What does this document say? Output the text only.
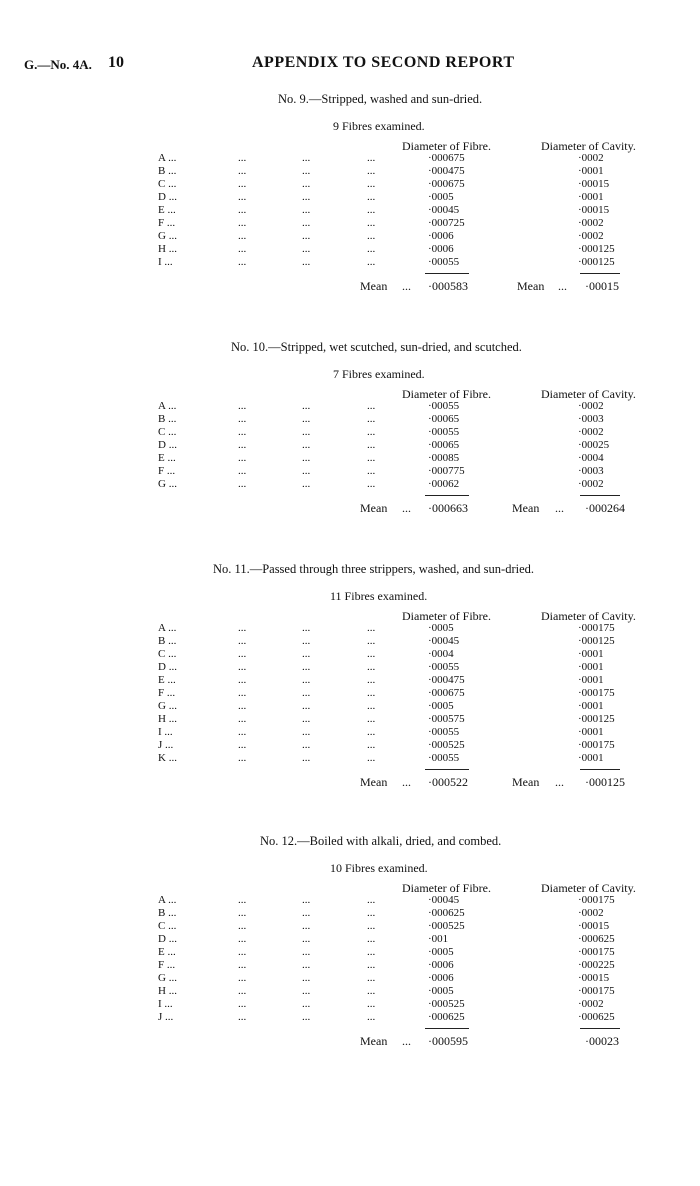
G.—No. 4A. 10	APPENDIX TO SECOND REPORT
No. 9.—Stripped, washed and sun-dried.
9 Fibres examined.
Diameter of Fibre.	Diameter of Cavity.
A ...	...	...	...	·000675	·0002
B ...	...	...	...	·000475	·0001
C ...	...	...	...	·000675	·00015
D ...	...	...	...	·0005	·0001
E ...	...	...	...	·00045	·00015
F ...	...	...	...	·000725	·0002
G ...	...	...	...	·0006	·0002
H ...	...	...	...	·0006	·000125
I ...	...	...	...	·00055	·000125
Mean ... ·000583	Mean ... ·00015
No. 10.—Stripped, wet scutched, sun-dried, and scutched.
7 Fibres examined.
Diameter of Fibre.	Diameter of Cavity.
A ...	...	...	...	·00055	·0002
B ...	...	...	...	·00065	·0003
C ...	...	...	...	·00055	·0002
D ...	...	...	...	·00065	·00025
E ...	...	...	...	·00085	·0004
F ...	...	...	...	·000775	·0003
G ...	...	...	...	·00062	·0002
Mean ... ·000663	Mean ... ·000264
No. 11.—Passed through three strippers, washed, and sun-dried.
11 Fibres examined.
Diameter of Fibre.	Diameter of Cavity.
A ...	...	...	...	·0005	·000175
B ...	...	...	...	·00045	·000125
C ...	...	...	...	·0004	·0001
D ...	...	...	...	·00055	·0001
E ...	...	...	...	·000475	·0001
F ...	...	...	...	·000675	·000175
G ...	...	...	...	·0005	·0001
H ...	...	...	...	·000575	·000125
I ...	...	...	...	·00055	·0001
J ...	...	...	...	·000525	·000175
K ...	...	...	...	·00055	·0001
Mean ... ·000522	Mean ... ·000125
No. 12.—Boiled with alkali, dried, and combed.
10 Fibres examined.
Diameter of Fibre.	Diameter of Cavity.
A ...	...	...	...	·00045	·000175
B ...	...	...	...	·000625	·0002
C ...	...	...	...	·000525	·00015
D ...	...	...	...	·001	·000625
E ...	...	...	...	·0005	·000175
F ...	...	...	...	·0006	·000225
G ...	...	...	...	·0006	·00015
H ...	...	...	...	·0005	·000175
I ...	...	...	...	·000525	·0002
J ...	...	...	...	·000625	·000625
Mean ... ·000595	·00023
